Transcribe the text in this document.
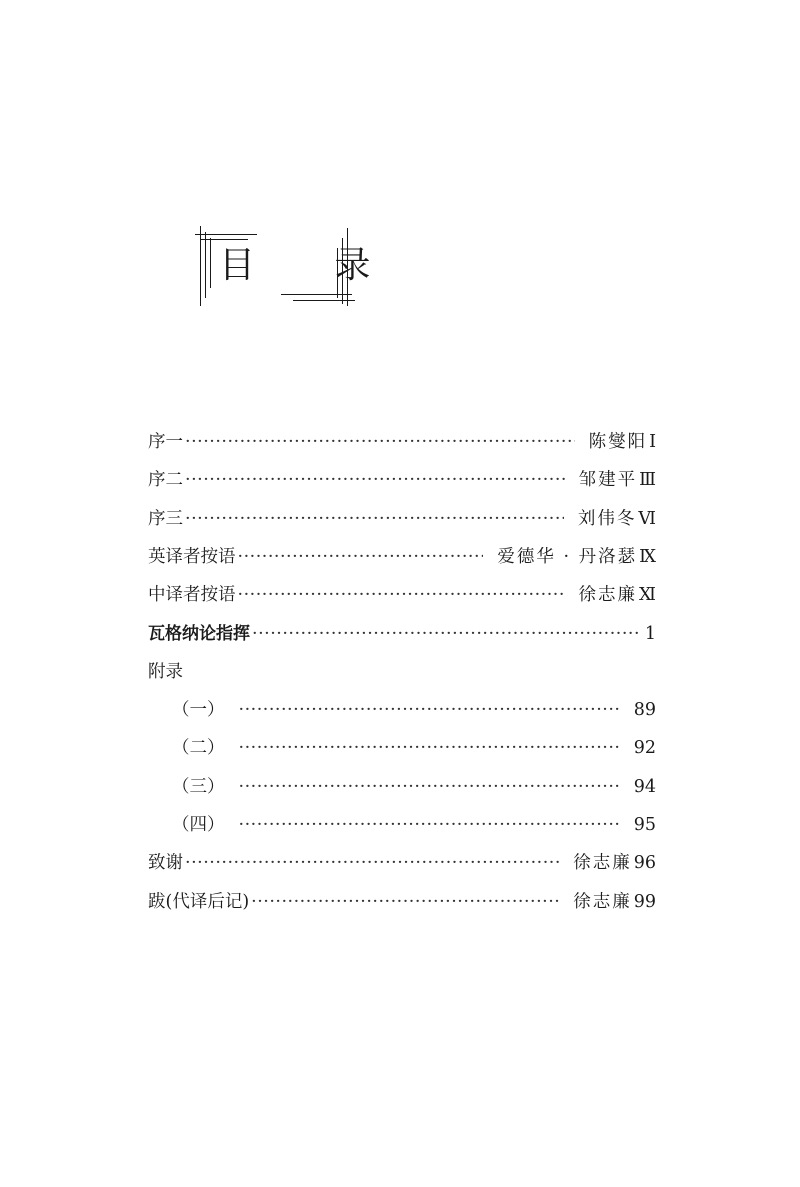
目 录
序一 ·····	陈燮阳 Ⅰ
序二 ·····	邹建平 Ⅲ
序三 ·····	刘伟冬 Ⅵ
英译者按语 ·····	爱德华 · 丹洛瑟 Ⅸ
中译者按语 ·····	徐志廉 Ⅺ
瓦格纳论指挥 ·····	1
附录
（一） ·····	89
（二） ·····	92
（三） ·····	94
（四） ·····	95
致谢 ·····	徐志廉 96
跋(代译后记) ·····	徐志廉 99
